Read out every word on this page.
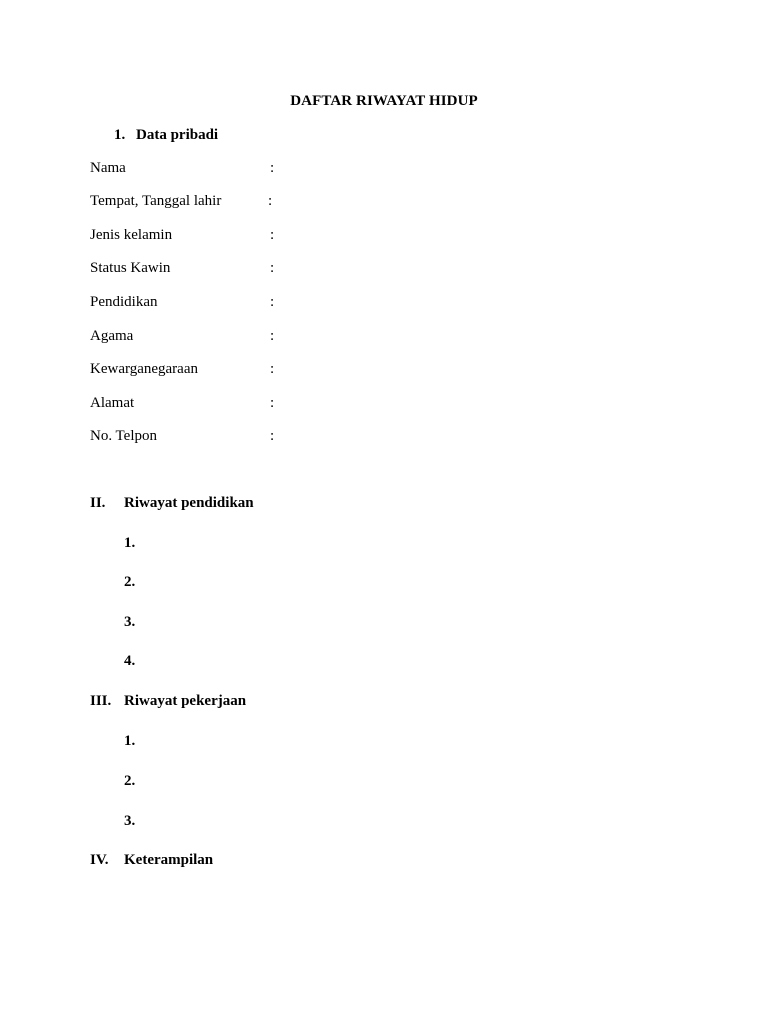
DAFTAR RIWAYAT HIDUP
1. Data pribadi
Nama	:
Tempat, Tanggal lahir	:
Jenis kelamin	:
Status Kawin	:
Pendidikan	:
Agama	:
Kewarganegaraan	:
Alamat	:
No. Telpon	:
II. Riwayat pendidikan
1.
2.
3.
4.
III. Riwayat pekerjaan
1.
2.
3.
IV. Keterampilan
